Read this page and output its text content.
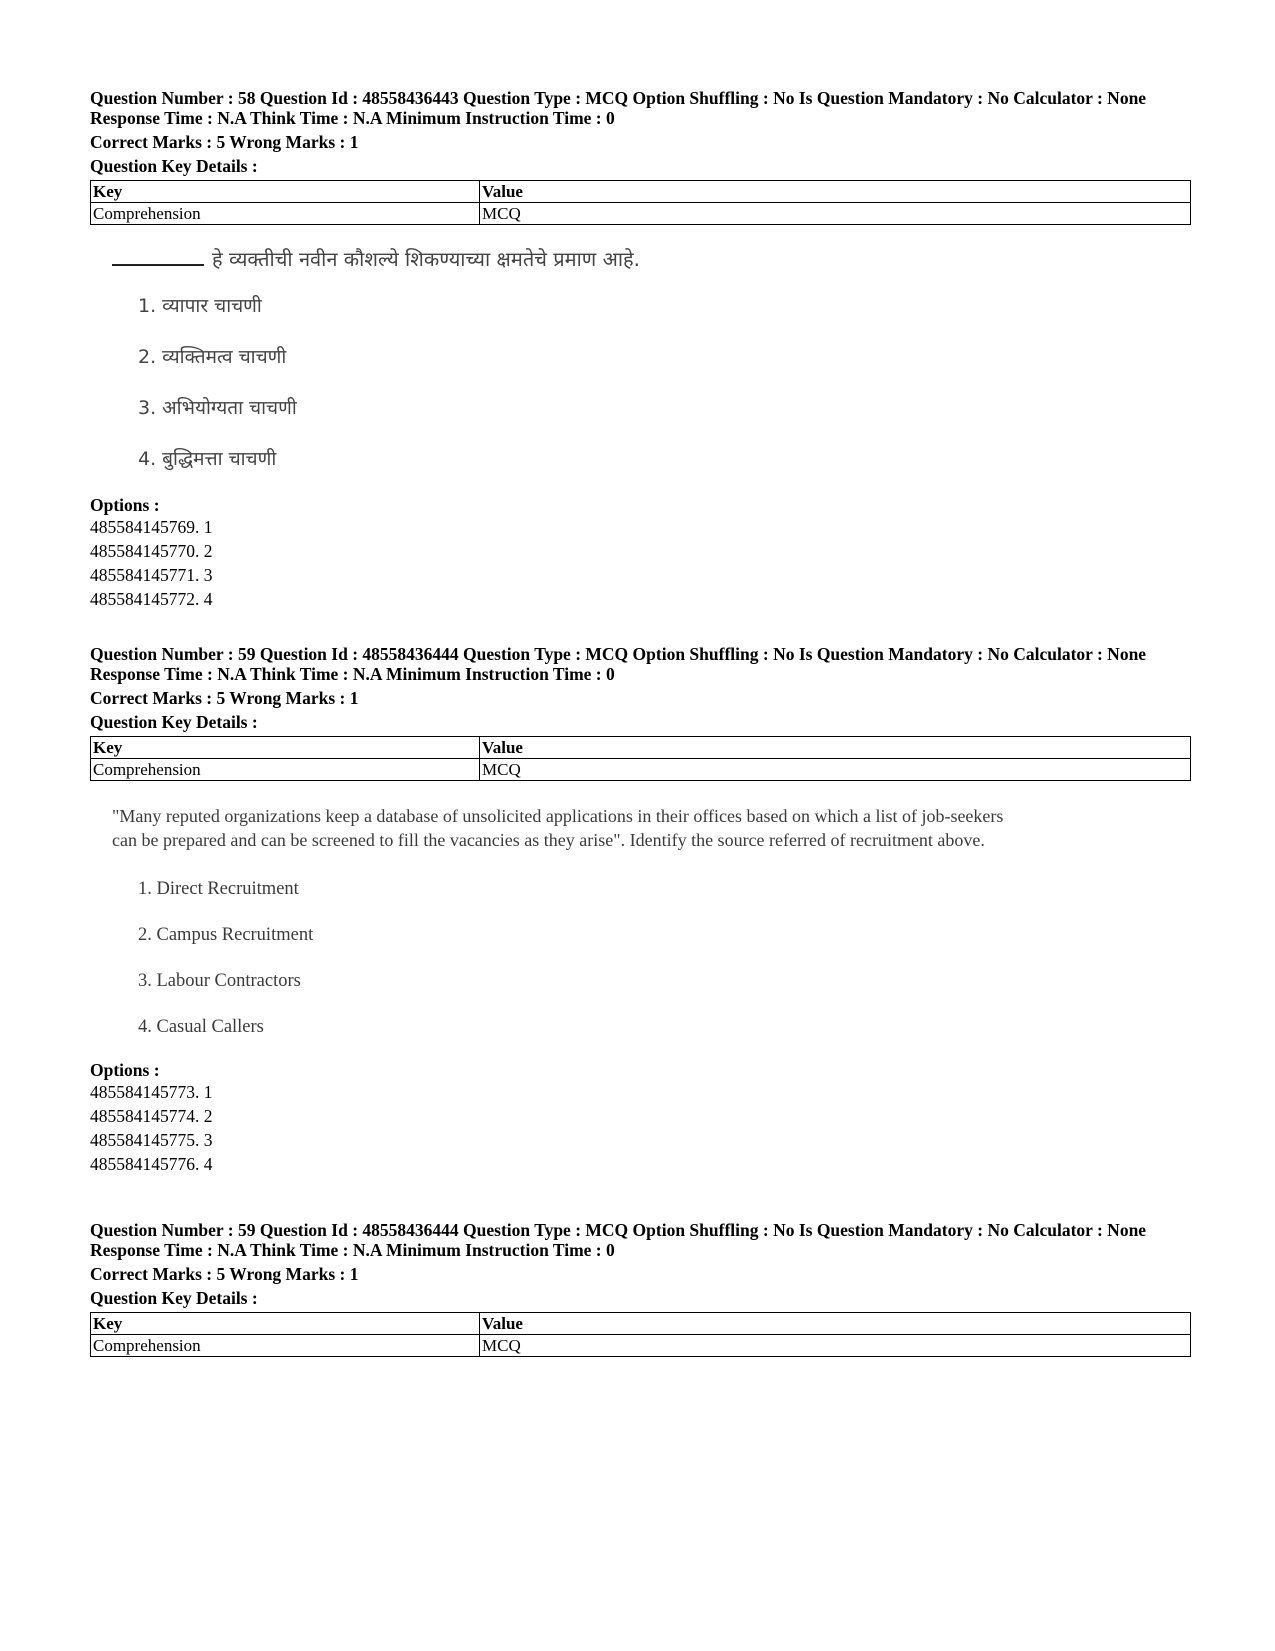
Question Number : 58 Question Id : 48558436443 Question Type : MCQ Option Shuffling : No Is Question Mandatory : No Calculator : None
Response Time : N.A Think Time : N.A Minimum Instruction Time : 0
Correct Marks : 5 Wrong Marks : 1
Question Key Details :
Key	Value
Comprehension	MCQ
हे व्यक्तीची नवीन कौशल्ये शिकण्याच्या क्षमतेचे प्रमाण आहे.
1. व्यापार चाचणी
2. व्यक्तिमत्व चाचणी
3. अभियोग्यता चाचणी
4. बुद्धिमत्ता चाचणी
Options :
485584145769. 1
485584145770. 2
485584145771. 3
485584145772. 4
Question Number : 59 Question Id : 48558436444 Question Type : MCQ Option Shuffling : No Is Question Mandatory : No Calculator : None
Response Time : N.A Think Time : N.A Minimum Instruction Time : 0
Correct Marks : 5 Wrong Marks : 1
Question Key Details :
Key	Value
Comprehension	MCQ
"Many reputed organizations keep a database of unsolicited applications in their offices based on which a list of job-seekers can be prepared and can be screened to fill the vacancies as they arise". Identify the source referred of recruitment above.
1. Direct Recruitment
2. Campus Recruitment
3. Labour Contractors
4. Casual Callers
Options :
485584145773. 1
485584145774. 2
485584145775. 3
485584145776. 4
Question Number : 59 Question Id : 48558436444 Question Type : MCQ Option Shuffling : No Is Question Mandatory : No Calculator : None
Response Time : N.A Think Time : N.A Minimum Instruction Time : 0
Correct Marks : 5 Wrong Marks : 1
Question Key Details :
Key	Value
Comprehension	MCQ
